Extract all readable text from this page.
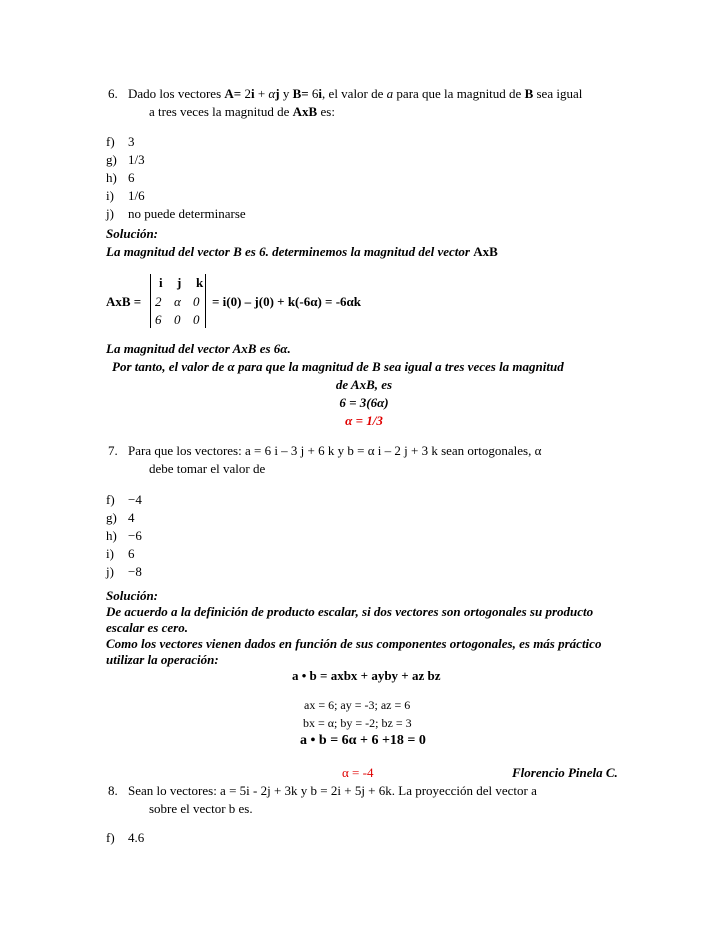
6. Dado los vectores A= 2i + αj y B= 6i, el valor de a para que la magnitud de B sea igual
a tres veces la magnitud de AxB es:
f) 3
g) 1/3
h) 6
i) 1/6
j) no puede determinarse
Solución:
La magnitud del vector B es 6. determinemos la magnitud del vector AxB
i j k
AxB = 2 α 0
6 0 0
= i(0) – j(0) + k(-6α) = -6αk
La magnitud del vector AxB es 6α.
Por tanto, el valor de α para que la magnitud de B sea igual a tres veces la magnitud
de AxB, es
6 = 3(6α)
α = 1/3
7. Para que los vectores: a = 6 i – 3 j + 6 k y b = α i – 2 j + 3 k sean ortogonales, α
debe tomar el valor de
f) −4
g) 4
h) −6
i) 6
j) −8
Solución:
De acuerdo a la definición de producto escalar, si dos vectores son ortogonales su producto
escalar es cero.
Como los vectores vienen dados en función de sus componentes ortogonales, es más práctico
utilizar la operación:
a • b = axbx + ayby + az bz
ax = 6; ay = -3; az = 6
bx = α; by = -2; bz = 3
a • b = 6α + 6 +18 = 0
α = -4	Florencio Pinela C.
8. Sean lo vectores: a = 5i - 2j + 3k y b = 2i + 5j + 6k. La proyección del vector a
sobre el vector b es.
f) 4.6
